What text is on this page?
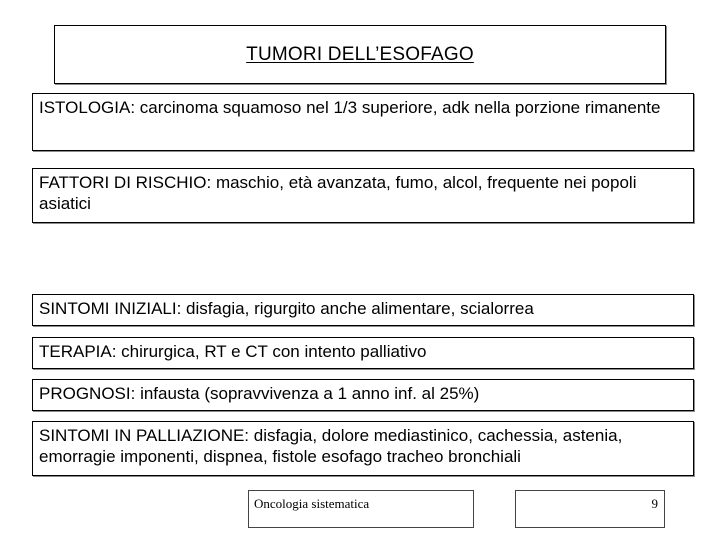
TUMORI DELL’ESOFAGO
ISTOLOGIA: carcinoma squamoso nel 1/3 superiore, adk nella porzione rimanente
FATTORI DI RISCHIO: maschio, età avanzata, fumo, alcol, frequente nei popoli asiatici
SINTOMI INIZIALI: disfagia, rigurgito anche alimentare, scialorrea
TERAPIA: chirurgica, RT e CT con intento palliativo
PROGNOSI: infausta (sopravvivenza a 1 anno inf. al 25%)
SINTOMI IN PALLIAZIONE: disfagia, dolore mediastinico, cachessia, astenia, emorragie imponenti, dispnea, fistole esofago tracheo bronchiali
Oncologia sistematica	9
